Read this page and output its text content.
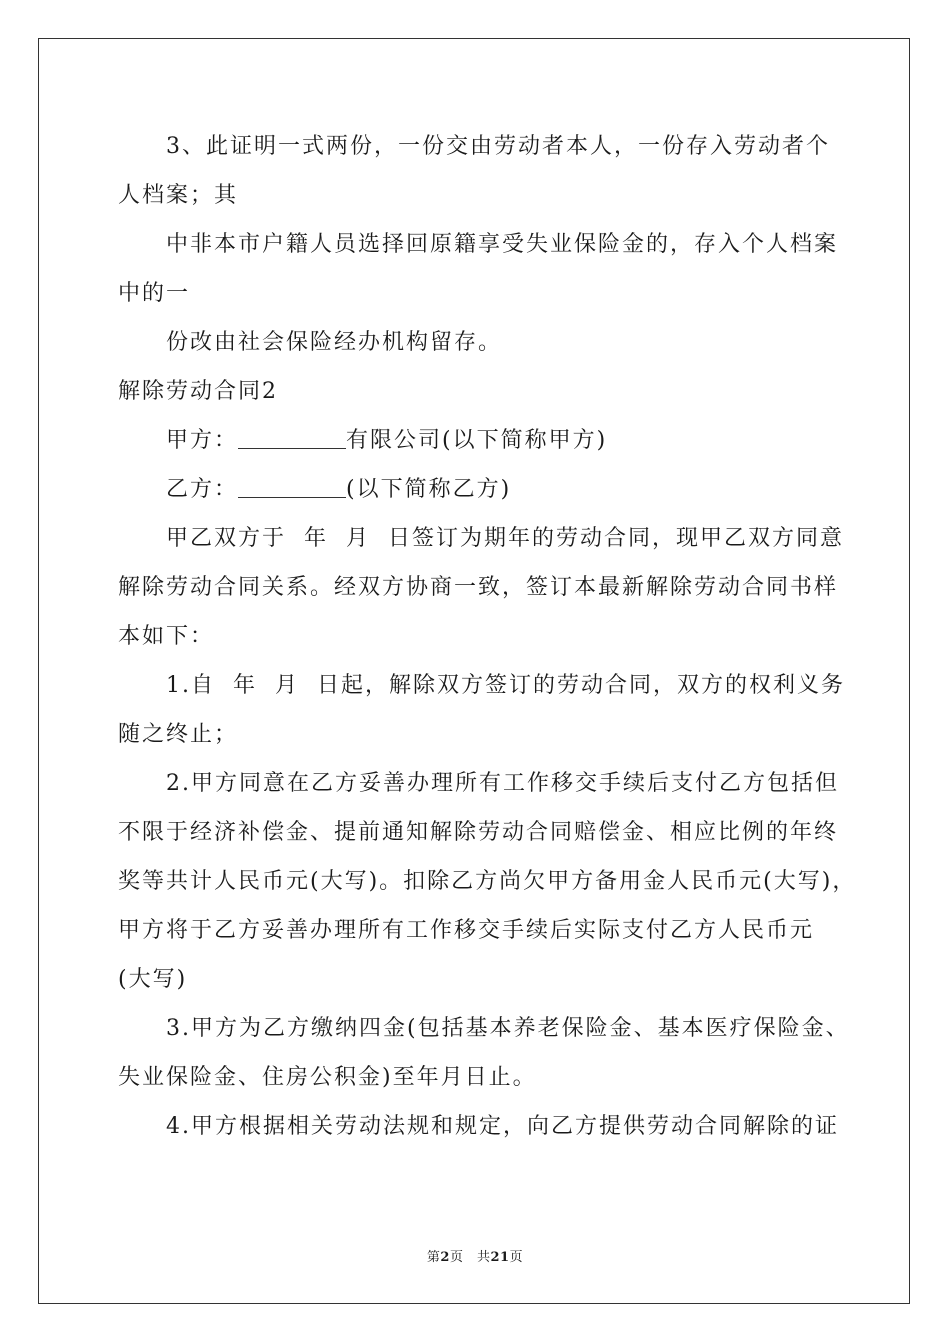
3、此证明一式两份，一份交由劳动者本人，一份存入劳动者个
人档案；其
中非本市户籍人员选择回原籍享受失业保险金的，存入个人档案
中的一
份改由社会保险经办机构留存。
解除劳动合同2
甲方：	有限公司(以下简称甲方)
乙方：	(以下简称乙方)
甲乙双方于  年  月  日签订为期年的劳动合同，现甲乙双方同意
解除劳动合同关系。经双方协商一致，签订本最新解除劳动合同书样
本如下：
1.自  年  月  日起，解除双方签订的劳动合同，双方的权利义务
随之终止；
2.甲方同意在乙方妥善办理所有工作移交手续后支付乙方包括但
不限于经济补偿金、提前通知解除劳动合同赔偿金、相应比例的年终
奖等共计人民币元(大写)。扣除乙方尚欠甲方备用金人民币元(大写)，
甲方将于乙方妥善办理所有工作移交手续后实际支付乙方人民币元
(大写)
3.甲方为乙方缴纳四金(包括基本养老保险金、基本医疗保险金、
失业保险金、住房公积金)至年月日止。
4.甲方根据相关劳动法规和规定，向乙方提供劳动合同解除的证
第2页　共21页
